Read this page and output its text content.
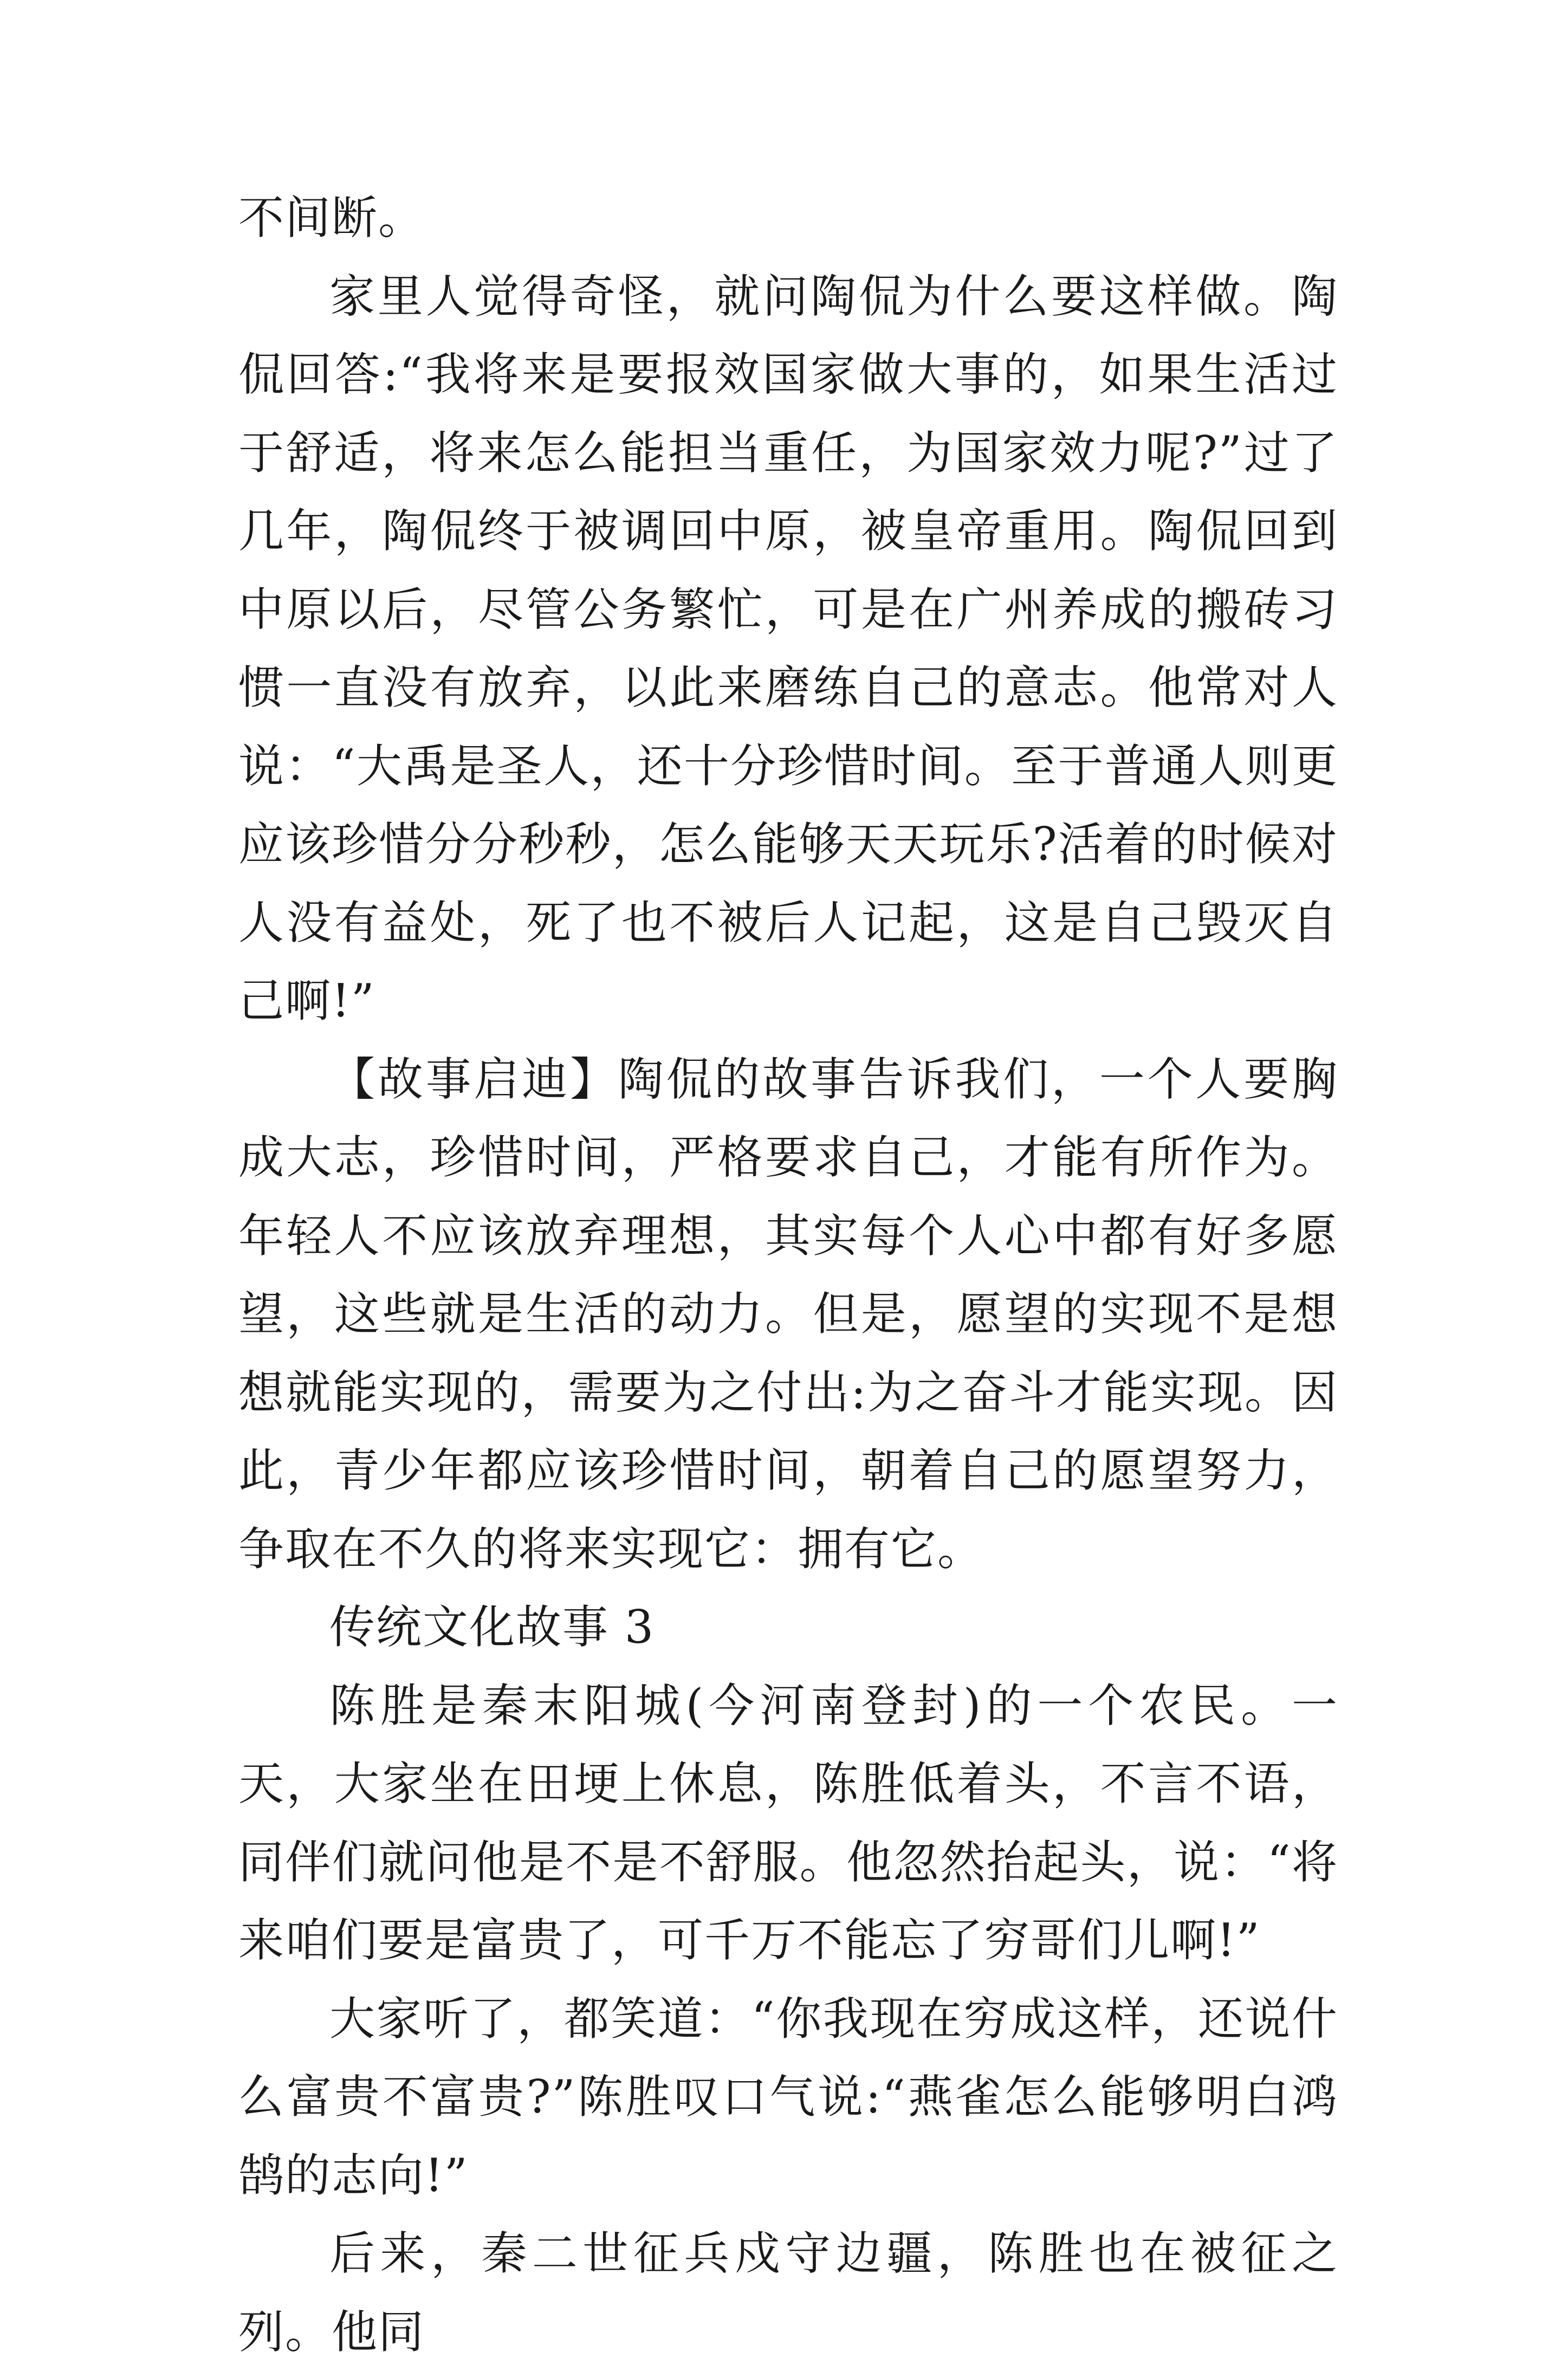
不间断。

家里人觉得奇怪，就问陶侃为什么要这样做。陶侃回答:“我将来是要报效国家做大事的，如果生活过于舒适，将来怎么能担当重任，为国家效力呢?”过了几年，陶侃终于被调回中原，被皇帝重用。陶侃回到中原以后，尽管公务繁忙，可是在广州养成的搬砖习惯一直没有放弃，以此来磨练自己的意志。他常对人说：“大禹是圣人，还十分珍惜时间。至于普通人则更应该珍惜分分秒秒，怎么能够天天玩乐?活着的时候对人没有益处，死了也不被后人记起，这是自己毁灭自己啊!”

【故事启迪】陶侃的故事告诉我们，一个人要胸成大志，珍惜时间，严格要求自己，才能有所作为。年轻人不应该放弃理想，其实每个人心中都有好多愿望，这些就是生活的动力。但是，愿望的实现不是想想就能实现的，需要为之付出:为之奋斗才能实现。因此，青少年都应该珍惜时间，朝着自己的愿望努力，争取在不久的将来实现它：拥有它。

传统文化故事 3

陈胜是秦末阳城(今河南登封)的一个农民。一天，大家坐在田埂上休息，陈胜低着头，不言不语，同伴们就问他是不是不舒服。他忽然抬起头，说：“将来咱们要是富贵了，可千万不能忘了穷哥们儿啊!”

大家听了，都笑道：“你我现在穷成这样，还说什么富贵不富贵?”陈胜叹口气说:“燕雀怎么能够明白鸿鹄的志向!”

后来，秦二世征兵戍守边疆，陈胜也在被征之列。他同
